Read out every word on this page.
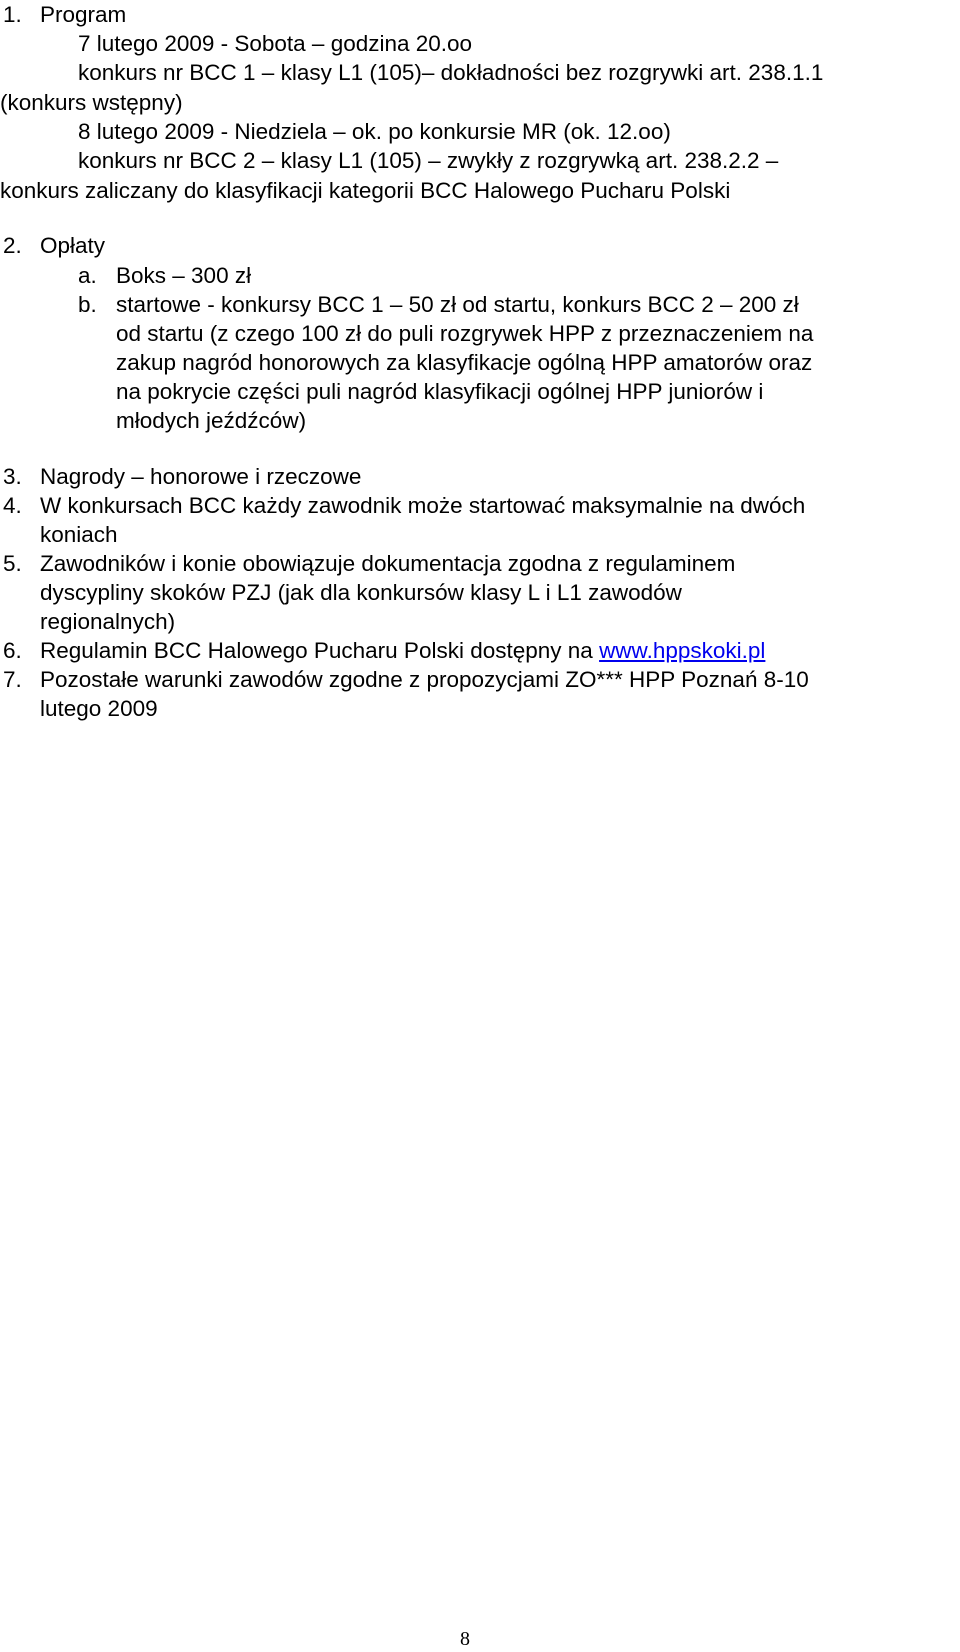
1. Program
7 lutego 2009 - Sobota – godzina 20.oo
konkurs nr BCC 1 – klasy L1 (105)– dokładności bez rozgrywki art. 238.1.1
(konkurs wstępny)
8 lutego 2009 - Niedziela – ok. po konkursie MR (ok. 12.oo)
konkurs nr BCC 2 – klasy L1 (105) – zwykły z rozgrywką art. 238.2.2 –
konkurs zaliczany do klasyfikacji kategorii BCC Halowego Pucharu Polski
2. Opłaty
a. Boks – 300 zł
b. startowe - konkursy BCC 1 – 50 zł od startu, konkurs BCC 2 – 200 zł
od startu (z czego 100 zł do puli rozgrywek HPP z przeznaczeniem na
zakup nagród honorowych za klasyfikacje ogólną HPP amatorów oraz
na pokrycie części puli nagród klasyfikacji ogólnej HPP juniorów i
młodych jeźdźców)
3. Nagrody – honorowe i rzeczowe
4. W konkursach BCC każdy zawodnik może startować maksymalnie na dwóch
koniach
5. Zawodników i konie obowiązuje dokumentacja zgodna z regulaminem
dyscypliny skoków PZJ (jak dla konkursów klasy L i L1 zawodów
regionalnych)
6. Regulamin BCC Halowego Pucharu Polski dostępny na www.hppskoki.pl
7. Pozostałe warunki zawodów zgodne z propozycjami ZO*** HPP Poznań 8-10
lutego 2009
8
